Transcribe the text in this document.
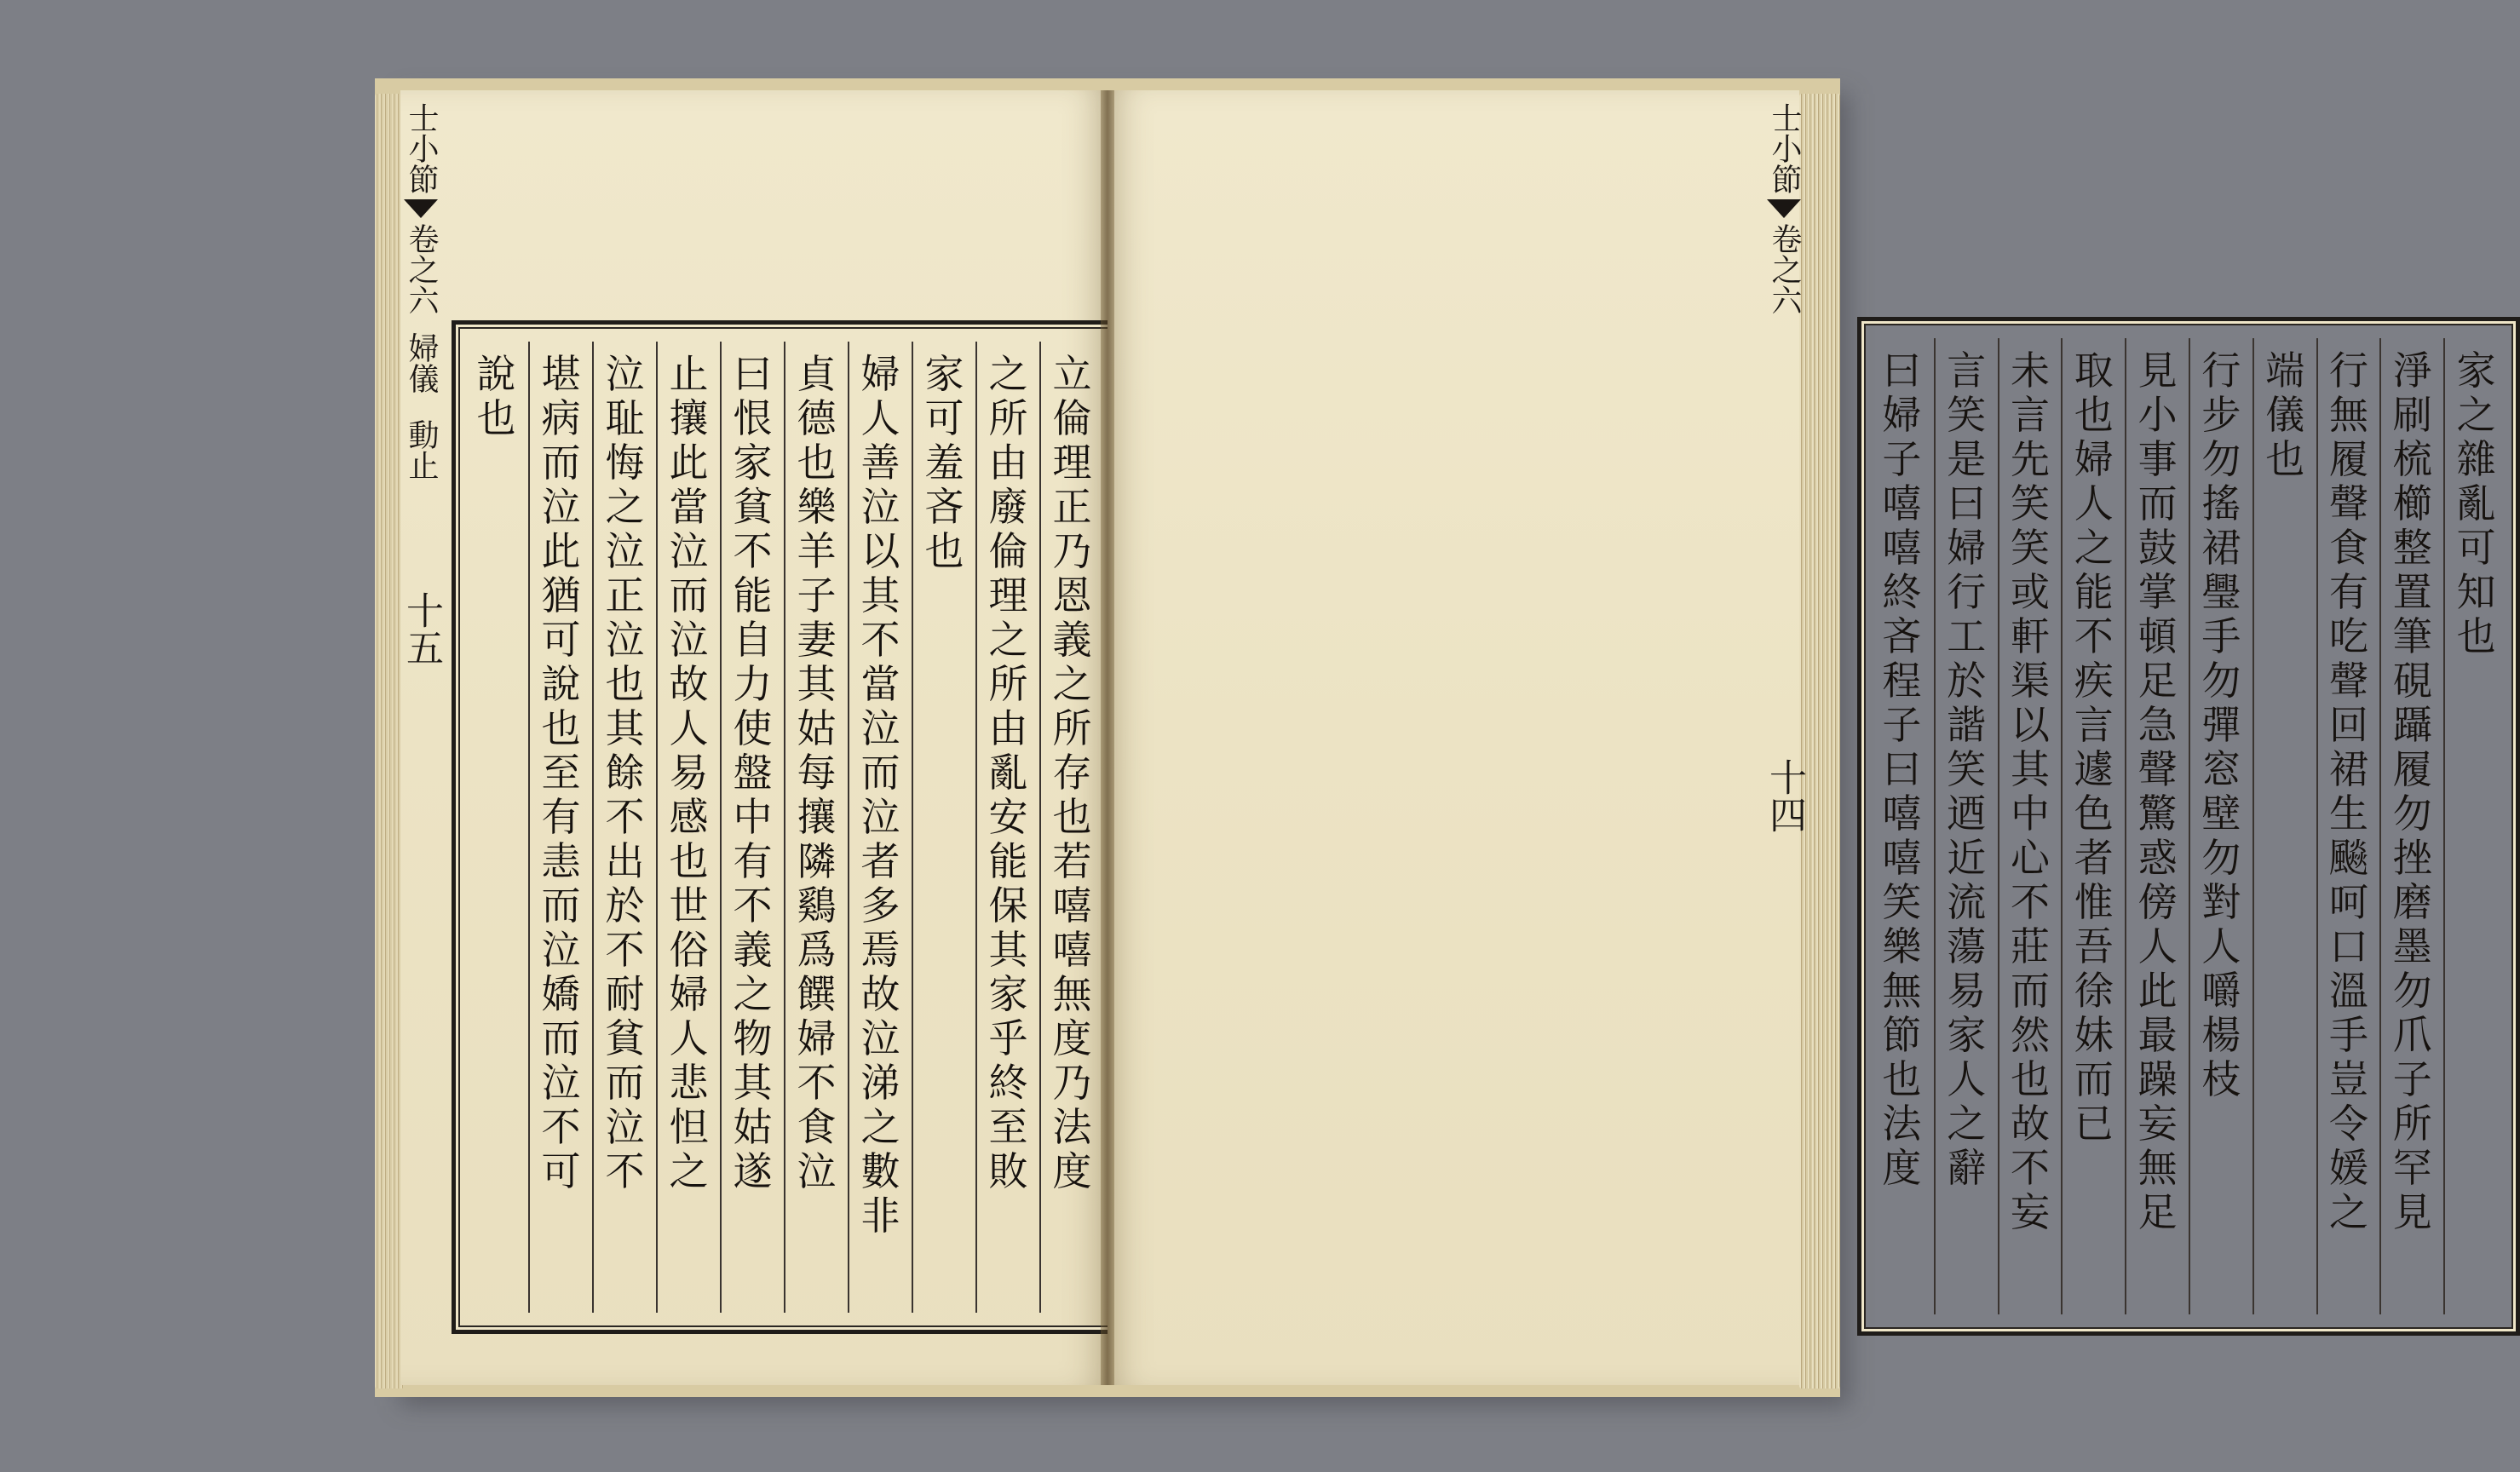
立
倫
理
正
乃
恩
義
之
所
存
也
若
嘻
嘻
無
度
乃
法
度
之
所
由
廢
倫
理
之
所
由
亂
安
能
保
其
家
乎
終
至
敗
家
可
羞
吝
也
婦
人
善
泣
以
其
不
當
泣
而
泣
者
多
焉
故
泣
涕
之
數
非
貞
德
也
樂
羊
子
妻
其
姑
每
攘
隣
鷄
爲
饌
婦
不
食
泣
曰
恨
家
貧
不
能
自
力
使
盤
中
有
不
義
之
物
其
姑
遂
止
攘
此
當
泣
而
泣
故
人
易
感
也
世
俗
婦
人
悲
怛
之
泣
耻
悔
之
泣
正
泣
也
其
餘
不
出
於
不
耐
貧
而
泣
不
堪
病
而
泣
此
猶
可
說
也
至
有
恚
而
泣
嬌
而
泣
不
可
說
也
士小節
卷之六
婦儀
動止
十五
家
之
雜
亂
可
知
也
淨
刷
梳
櫛
整
置
筆
硯
躡
履
勿
挫
磨
墨
勿
爪
子
所
罕
見
行
無
履
聲
食
有
吃
聲
回
裙
生
飈
呵
口
溫
手
豈
令
媛
之
端
儀
也
行
步
勿
搖
裙
璺
手
勿
彈
窓
壁
勿
對
人
嚼
楊
枝
見
小
事
而
鼓
掌
頓
足
急
聲
驚
惑
傍
人
此
最
躁
妄
無
足
取
也
婦
人
之
能
不
疾
言
遽
色
者
惟
吾
徐
妹
而
已
未
言
先
笑
笑
或
軒
渠
以
其
中
心
不
莊
而
然
也
故
不
妄
言
笑
是
曰
婦
行
工
於
諧
笑
迺
近
流
蕩
易
家
人
之
辭
曰
婦
子
嘻
嘻
終
吝
程
子
曰
嘻
嘻
笑
樂
無
節
也
法
度
士小節
卷之六
十四
